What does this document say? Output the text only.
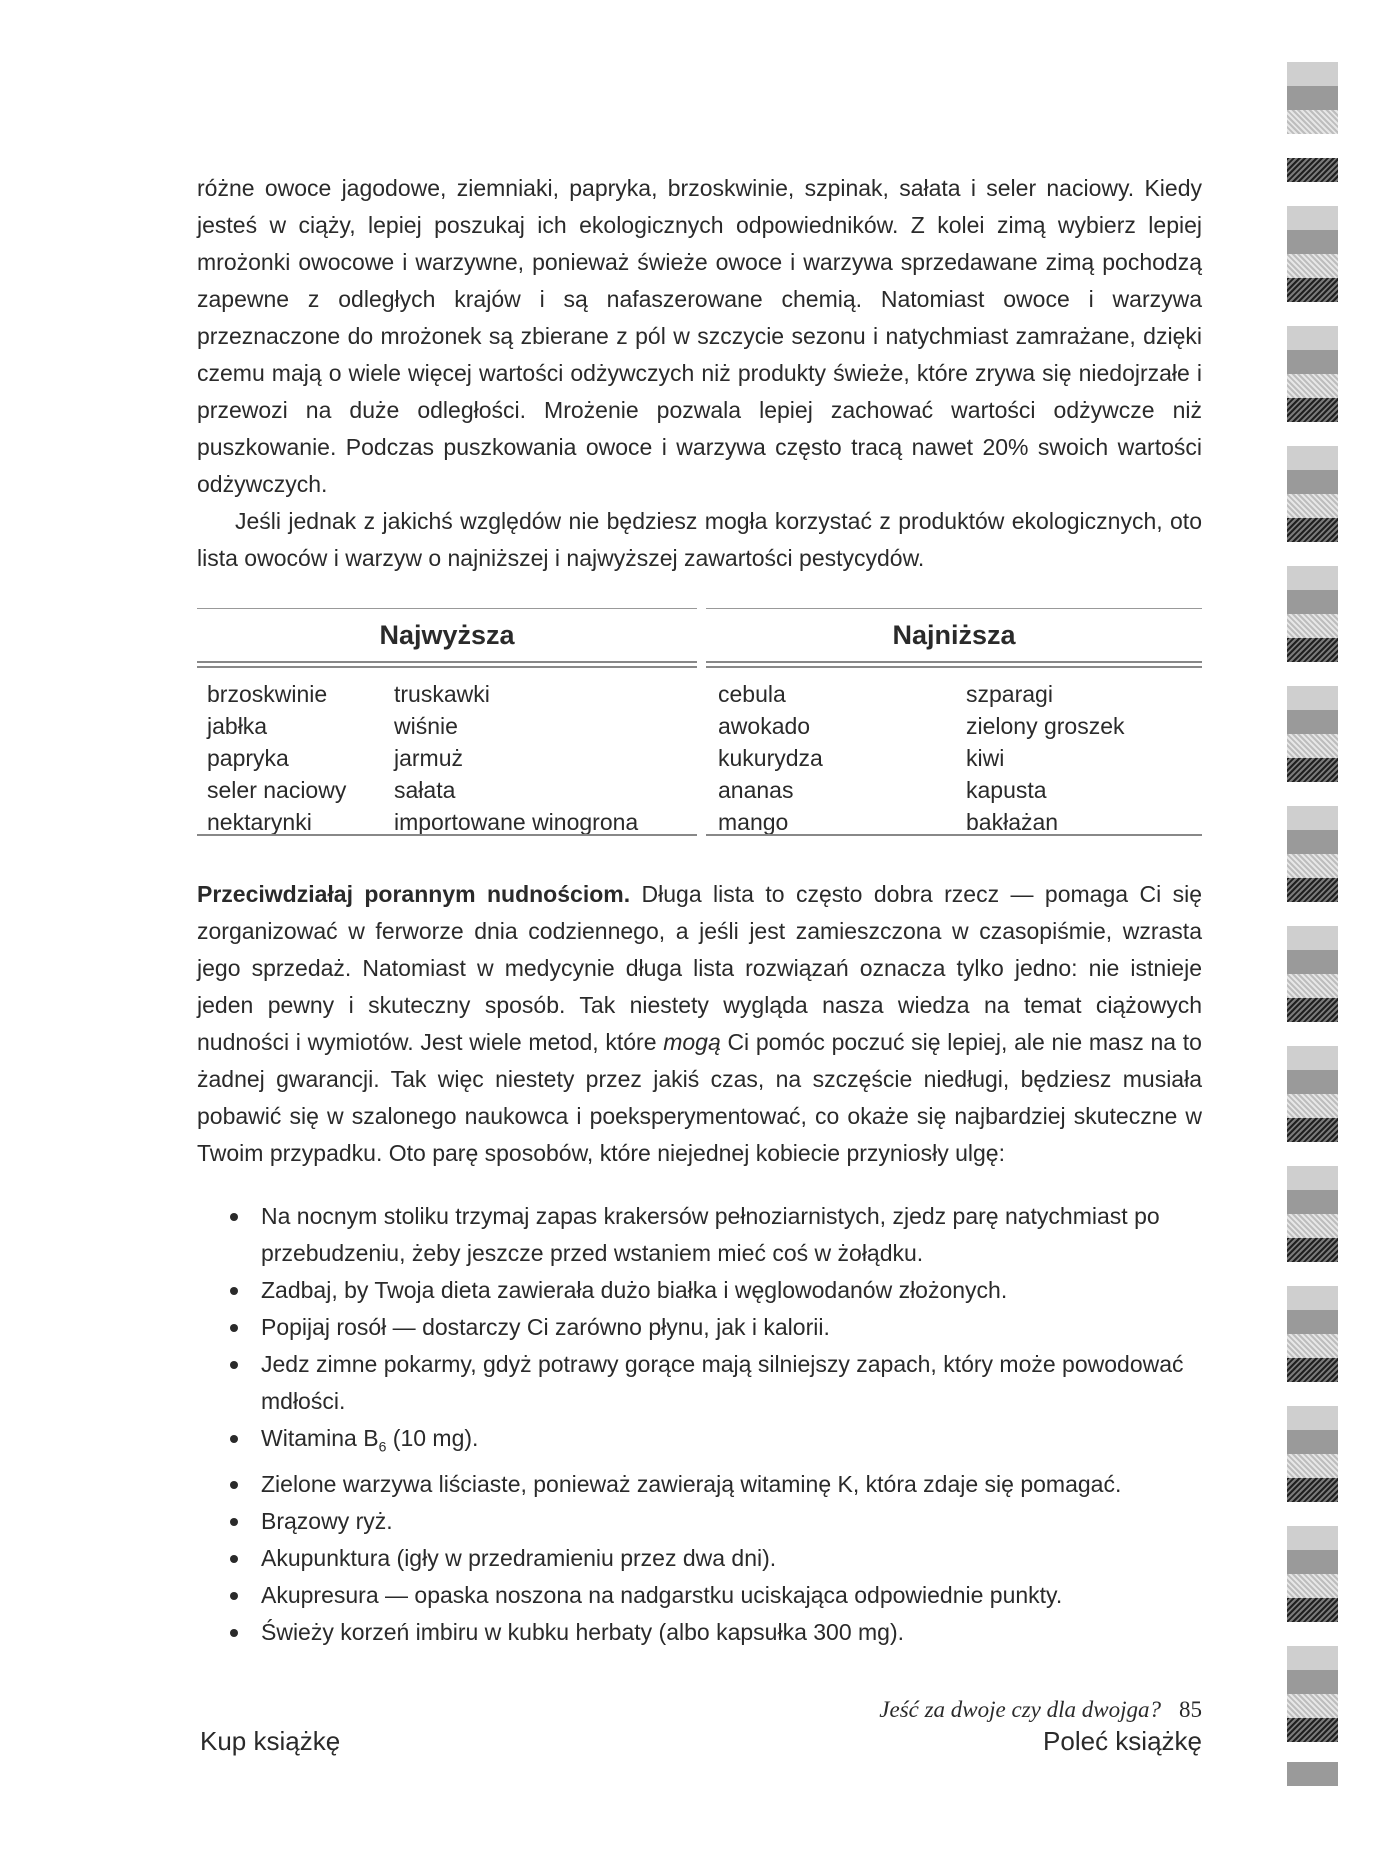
różne owoce jagodowe, ziemniaki, papryka, brzoskwinie, szpinak, sałata i seler naciowy. Kiedy jesteś w ciąży, lepiej poszukaj ich ekologicznych odpowiedników. Z kolei zimą wybierz lepiej mrożonki owocowe i warzywne, ponieważ świeże owoce i warzywa sprzedawane zimą pochodzą zapewne z odległych krajów i są nafaszerowane chemią. Natomiast owoce i warzywa przeznaczone do mrożonek są zbierane z pól w szczycie sezonu i natychmiast zamrażane, dzięki czemu mają o wiele więcej wartości odżywczych niż produkty świeże, które zrywa się niedojrzałe i przewozi na duże odległości. Mrożenie pozwala lepiej zachować wartości odżywcze niż puszkowanie. Podczas puszkowania owoce i warzywa często tracą nawet 20% swoich wartości odżywczych.

Jeśli jednak z jakichś względów nie będziesz mogła korzystać z produktów ekologicznych, oto lista owoców i warzyw o najniższej i najwyższej zawartości pestycydów.

Najwyższa
brzoskwinie
jabłka
papryka
seler naciowy
nektarynki
truskawki
wiśnie
jarmuż
sałata
importowane winogrona
Najniższa
cebula
awokado
kukurydza
ananas
mango
szparagi
zielony groszek
kiwi
kapusta
bakłażan

Przeciwdziałaj porannym nudnościom. Długa lista to często dobra rzecz — pomaga Ci się zorganizować w ferworze dnia codziennego, a jeśli jest zamieszczona w czasopiśmie, wzrasta jego sprzedaż. Natomiast w medycynie długa lista rozwiązań oznacza tylko jedno: nie istnieje jeden pewny i skuteczny sposób. Tak niestety wygląda nasza wiedza na temat ciążowych nudności i wymiotów. Jest wiele metod, które mogą Ci pomóc poczuć się lepiej, ale nie masz na to żadnej gwarancji. Tak więc niestety przez jakiś czas, na szczęście niedługi, będziesz musiała pobawić się w szalonego naukowca i poeksperymentować, co okaże się najbardziej skuteczne w Twoim przypadku. Oto parę sposobów, które niejednej kobiecie przyniosły ulgę:

Na nocnym stoliku trzymaj zapas krakersów pełnoziarnistych, zjedz parę natychmiast po przebudzeniu, żeby jeszcze przed wstaniem mieć coś w żołądku.
Zadbaj, by Twoja dieta zawierała dużo białka i węglowodanów złożonych.
Popijaj rosół — dostarczy Ci zarówno płynu, jak i kalorii.
Jedz zimne pokarmy, gdyż potrawy gorące mają silniejszy zapach, który może powodować mdłości.
Witamina $B_6$ (10 mg).
Zielone warzywa liściaste, ponieważ zawierają witaminę K, która zdaje się pomagać.
Brązowy ryż.
Akupunktura (igły w przedramieniu przez dwa dni).
Akupresura — opaska noszona na nadgarstku uciskająca odpowiednie punkty.
Świeży korzeń imbiru w kubku herbaty (albo kapsułka 300 mg).
Jeść za dwoje czy dla dwojga? 85
Kup książkę	Poleć książkę
